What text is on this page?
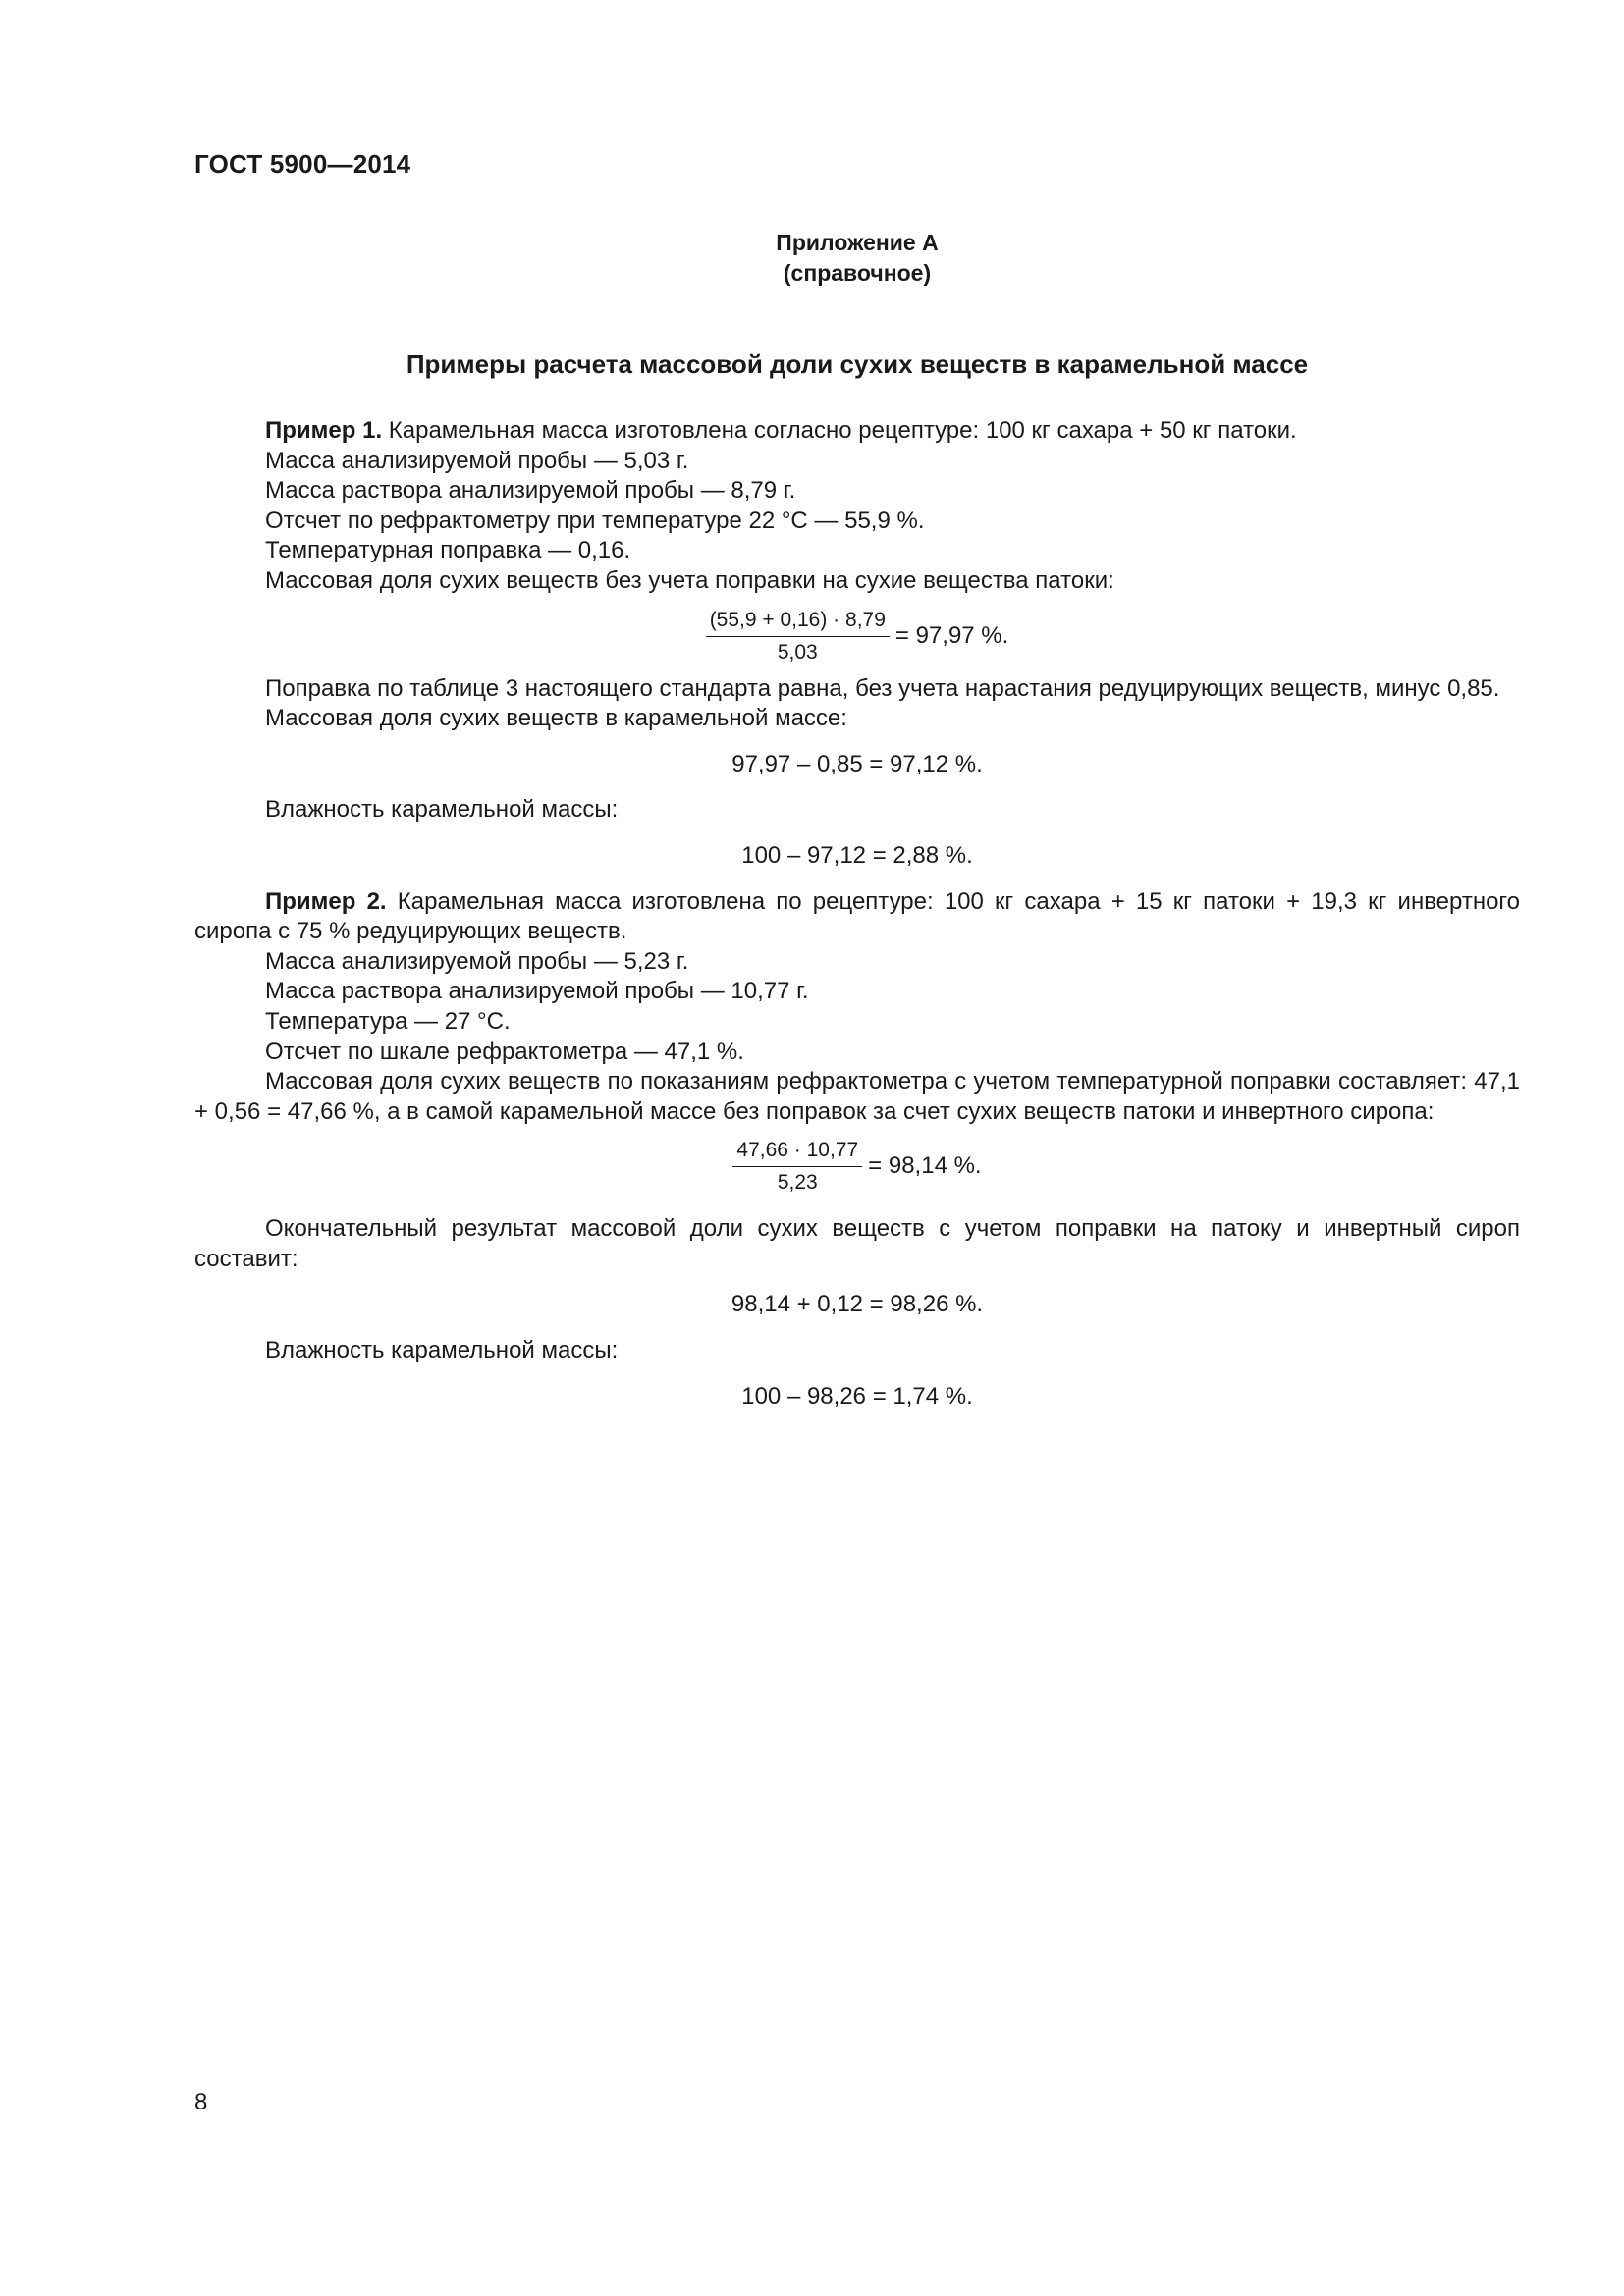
ГОСТ 5900—2014
Приложение А
(справочное)
Примеры расчета массовой доли сухих веществ в карамельной массе

Пример 1. Карамельная масса изготовлена согласно рецептуре: 100 кг сахара + 50 кг патоки.

Масса анализируемой пробы — 5,03 г.

Масса раствора анализируемой пробы — 8,79 г.

Отсчет по рефрактометру при температуре 22 °С — 55,9 %.

Температурная поправка — 0,16.

Массовая доля сухих веществ без учета поправки на сухие вещества патоки:

$\frac{(55,9 + 0,16) \cdot 8,79}{5,03} = 97,97$ %.

Поправка по таблице 3 настоящего стандарта равна, без учета нарастания редуцирующих веществ, минус 0,85.

Массовая доля сухих веществ в карамельной массе:

97,97 – 0,85 = 97,12 %.

Влажность карамельной массы:

100 – 97,12 = 2,88 %.

Пример 2. Карамельная масса изготовлена по рецептуре: 100 кг сахара + 15 кг патоки + 19,3 кг инвертного сиропа с 75 % редуцирующих веществ.

Масса анализируемой пробы — 5,23 г.

Масса раствора анализируемой пробы — 10,77 г.

Температура — 27 °С.

Отсчет по шкале рефрактометра — 47,1 %.

Массовая доля сухих веществ по показаниям рефрактометра с учетом температурной поправки составляет: 47,1 + 0,56 = 47,66 %, а в самой карамельной массе без поправок за счет сухих веществ патоки и инвертного сиропа:

$\frac{47,66 \cdot 10,77}{5,23} = 98,14$ %.

Окончательный результат массовой доли сухих веществ с учетом поправки на патоку и инвертный сироп составит:

98,14 + 0,12 = 98,26 %.

Влажность карамельной массы:

100 – 98,26 = 1,74 %.

8
